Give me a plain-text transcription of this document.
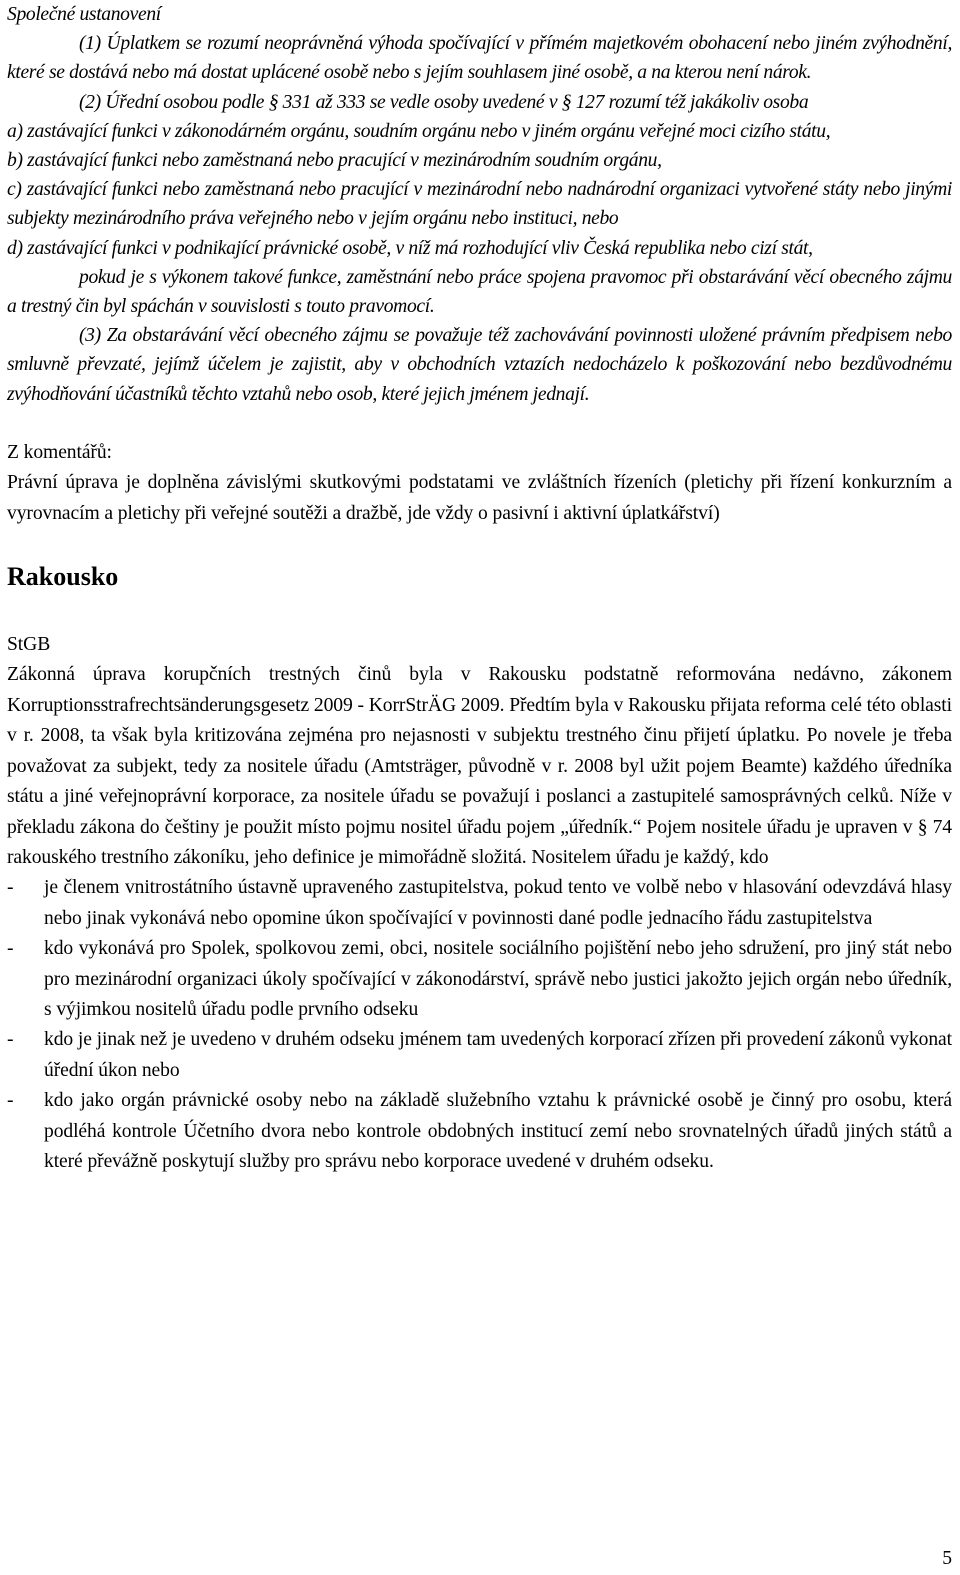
Společné ustanovení

(1) Úplatkem se rozumí neoprávněná výhoda spočívající v přímém majetkovém obohacení nebo jiném zvýhodnění, které se dostává nebo má dostat uplácené osobě nebo s jejím souhlasem jiné osobě, a na kterou není nárok.

(2) Úřední osobou podle § 331 až 333 se vedle osoby uvedené v § 127 rozumí též jakákoliv osoba

a) zastávající funkci v zákonodárném orgánu, soudním orgánu nebo v jiném orgánu veřejné moci cizího státu,

b) zastávající funkci nebo zaměstnaná nebo pracující v mezinárodním soudním orgánu,

c) zastávající funkci nebo zaměstnaná nebo pracující v mezinárodní nebo nadnárodní organizaci vytvořené státy nebo jinými subjekty mezinárodního práva veřejného nebo v jejím orgánu nebo instituci, nebo

d) zastávající funkci v podnikající právnické osobě, v níž má rozhodující vliv Česká republika nebo cizí stát,

pokud je s výkonem takové funkce, zaměstnání nebo práce spojena pravomoc při obstarávání věcí obecného zájmu a trestný čin byl spáchán v souvislosti s touto pravomocí.

(3) Za obstarávání věcí obecného zájmu se považuje též zachovávání povinnosti uložené právním předpisem nebo smluvně převzaté, jejímž účelem je zajistit, aby v obchodních vztazích nedocházelo k poškozování nebo bezdůvodnému zvýhodňování účastníků těchto vztahů nebo osob, které jejich jménem jednají.

Z komentářů:

Právní úprava je doplněna závislými skutkovými podstatami ve zvláštních řízeních (pletichy při řízení konkurzním a vyrovnacím a pletichy při veřejné soutěži a dražbě, jde vždy o pasivní i aktivní úplatkářství)

Rakousko

StGB

Zákonná úprava korupčních trestných činů byla v Rakousku podstatně reformována nedávno, zákonem Korruptionsstrafrechtsänderungsgesetz 2009 - KorrStrÄG 2009. Předtím byla v Rakousku přijata reforma celé této oblasti v r. 2008, ta však byla kritizována zejména pro nejasnosti v subjektu trestného činu přijetí úplatku. Po novele je třeba považovat za subjekt, tedy za nositele úřadu (Amtsträger, původně v r. 2008 byl užit pojem Beamte) každého úředníka státu a jiné veřejnoprávní korporace, za nositele úřadu se považují i poslanci a zastupitelé samosprávných celků. Níže v překladu zákona do češtiny je použit místo pojmu nositel úřadu pojem „úředník.“ Pojem nositele úřadu je upraven v § 74 rakouského trestního zákoníku, jeho definice je mimořádně složitá. Nositelem úřadu je každý, kdo

-	je členem vnitrostátního ústavně upraveného zastupitelstva, pokud tento ve volbě nebo v hlasování odevzdává hlasy nebo jinak vykonává nebo opomine úkon spočívající v povinnosti dané podle jednacího řádu zastupitelstva
-	kdo vykonává pro Spolek, spolkovou zemi, obci, nositele sociálního pojištění nebo jeho sdružení, pro jiný stát nebo pro mezinárodní organizaci úkoly spočívající v zákonodárství, správě nebo justici jakožto jejich orgán nebo úředník, s výjimkou nositelů úřadu podle prvního odseku
-	kdo je jinak než je uvedeno v druhém odseku jménem tam uvedených korporací zřízen při provedení zákonů vykonat úřední úkon nebo
-	kdo jako orgán právnické osoby nebo na základě služebního vztahu k právnické osobě je činný pro osobu, která podléhá kontrole Účetního dvora nebo kontrole obdobných institucí zemí nebo srovnatelných úřadů jiných států a které převážně poskytují služby pro správu nebo korporace uvedené v druhém odseku.
5
